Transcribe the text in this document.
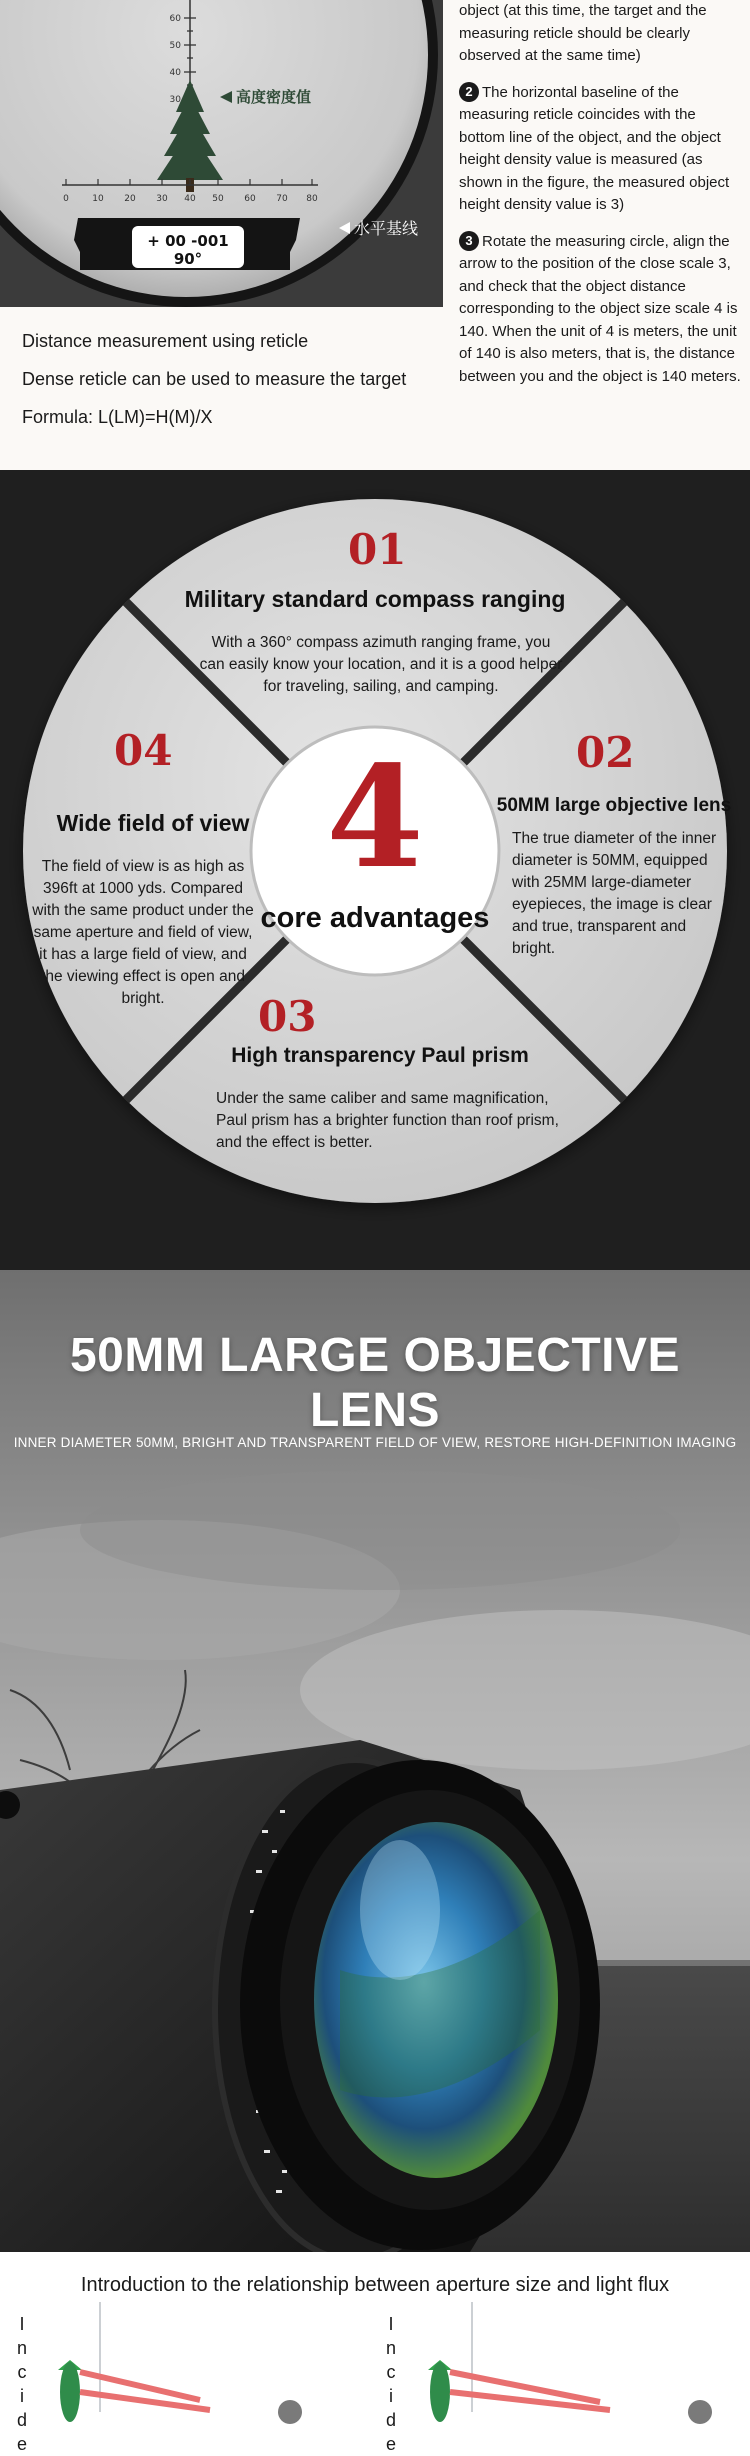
60
50
40
30	高度密度值
0	10 20 30 40 50 60 70 80
+ 00 -001
90°
水平基线
Distance measurement using reticle
Dense reticle can be used to measure the target
Formula: L(LM)=H(M)/X

object (at this time, the target and the measuring reticle should be clearly observed at the same time)

2 The horizontal baseline of the measuring reticle coincides with the bottom line of the object, and the object height density value is measured (as shown in the figure, the measured object height density value is 3)

3 Rotate the measuring circle, align the arrow to the position of the close scale 3, and check that the object distance corresponding to the object size scale 4 is 140. When the unit of 4 is meters, the unit of 140 is also meters, that is, the distance between you and the object is 140 meters.

4
core advantages
01
Military standard compass ranging
With a 360° compass azimuth ranging frame, you can easily know your location, and it is a good helper for traveling, sailing, and camping.
02
50MM large objective lens
The true diameter of the inner diameter is 50MM, equipped with 25MM large-diameter eyepieces, the image is clear and true, transparent and bright.
03
High transparency Paul prism
Under the same caliber and same magnification, Paul prism has a brighter function than roof prism, and the effect is better.
04
Wide field of view
The field of view is as high as 396ft at 1000 yds. Compared with the same product under the same aperture and field of view, it has a large field of view, and the viewing effect is open and bright.
50MM LARGE OBJECTIVE LENS
INNER DIAMETER 50MM, BRIGHT AND TRANSPARENT FIELD OF VIEW, RESTORE HIGH-DEFINITION IMAGING
Introduction to the relationship between aperture size and light flux
I
n
c
i
d
e
I
n
c
i
d
e
